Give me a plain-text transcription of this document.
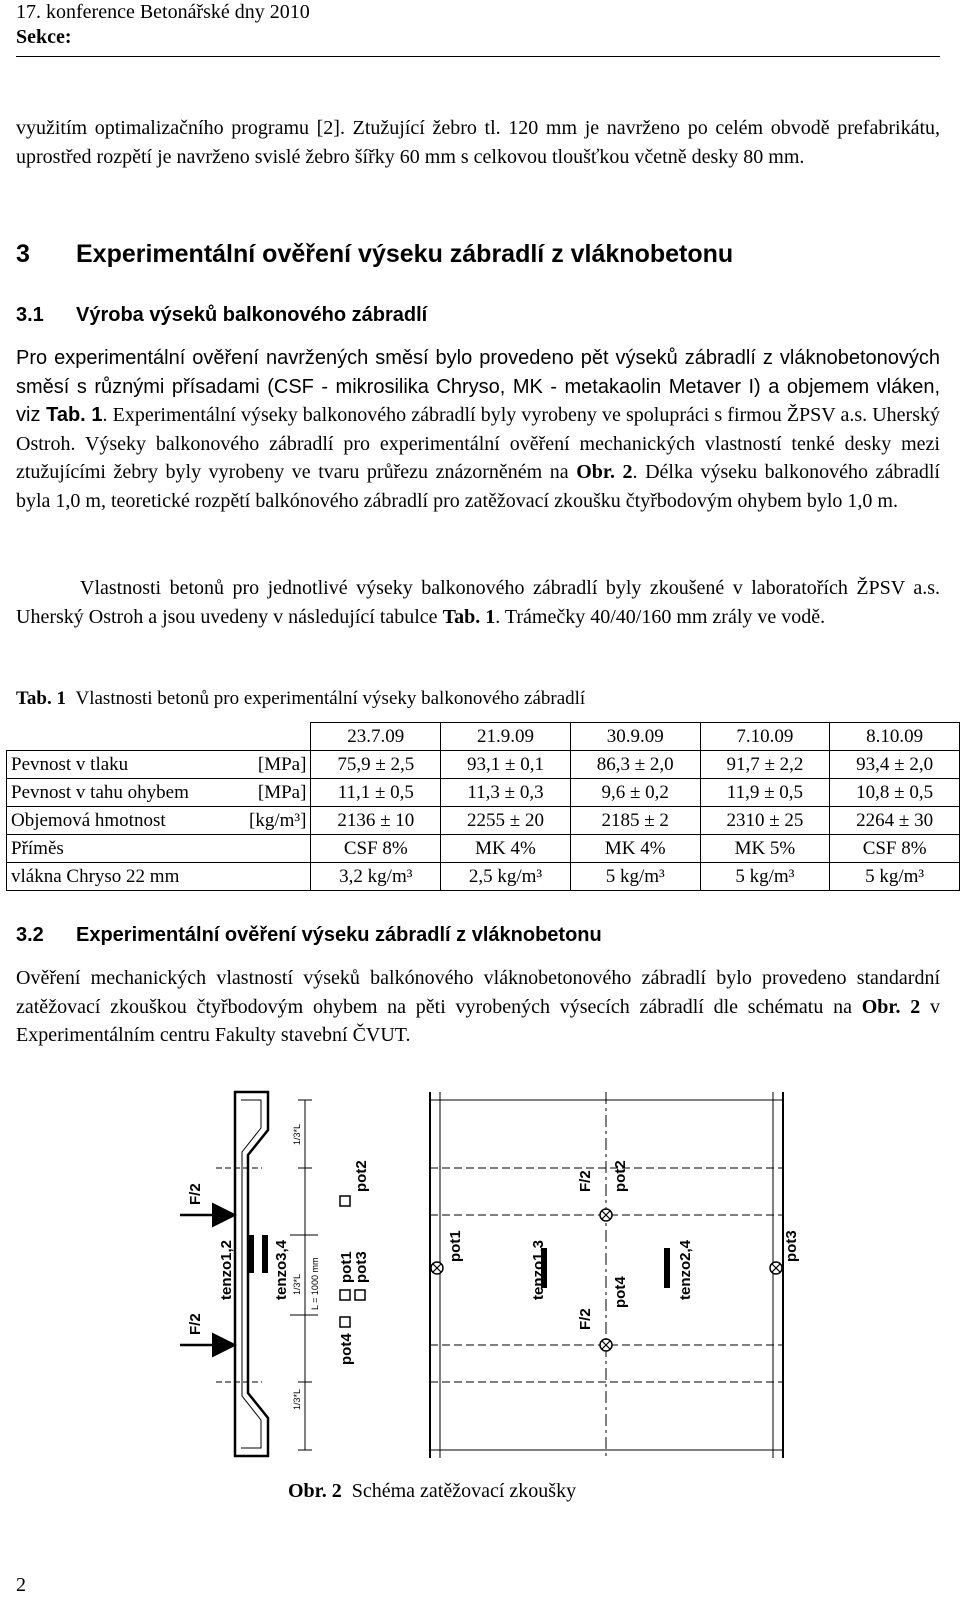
17. konference Betonářské dny 2010
Sekce:

využitím optimalizačního programu [2]. Ztužující žebro tl. 120 mm je navrženo po celém obvodě prefabrikátu, uprostřed rozpětí je navrženo svislé žebro šířky 60 mm s celkovou tloušťkou včetně desky 80 mm.

3 Experimentální ověření výseku zábradlí z vláknobetonu
3.1 Výroba výseků balkonového zábradlí

Pro experimentální ověření navržených směsí bylo provedeno pět výseků zábradlí z vláknobetonových směsí s různými přísadami (CSF - mikrosilika Chryso, MK - metakaolin Metaver I) a objemem vláken, viz Tab. 1. Experimentální výseky balkonového zábradlí byly vyrobeny ve spolupráci s firmou ŽPSV a.s. Uherský Ostroh. Výseky balkonového zábradlí pro experimentální ověření mechanických vlastností tenké desky mezi ztužujícími žebry byly vyrobeny ve tvaru průřezu znázorněném na Obr. 2. Délka výseku balkonového zábradlí byla 1,0 m, teoretické rozpětí balkónového zábradlí pro zatěžovací zkoušku čtyřbodovým ohybem bylo 1,0 m.

Vlastnosti betonů pro jednotlivé výseky balkonového zábradlí byly zkoušené v laboratořích ŽPSV a.s. Uherský Ostroh a jsou uvedeny v následující tabulce Tab. 1. Trámečky 40/40/160 mm zrály ve vodě.

Tab. 1 Vlastnosti betonů pro experimentální výseky balkonového zábradlí
	23.7.09	21.9.09	30.9.09	7.10.09	8.10.09
Pevnost v tlaku [MPa]	75,9 ± 2,5	93,1 ± 0,1	86,3 ± 2,0	91,7 ± 2,2	93,4 ± 2,0
Pevnost v tahu ohybem [MPa]	11,1 ± 0,5	11,3 ± 0,3	9,6 ± 0,2	11,9 ± 0,5	10,8 ± 0,5
Objemová hmotnost [kg/m³]	2136 ± 10	2255 ± 20	2185 ± 2	2310 ± 25	2264 ± 30
Příměs	CSF 8%	MK 4%	MK 4%	MK 5%	CSF 8%
vlákna Chryso 22 mm	3,2 kg/m³	2,5 kg/m³	5 kg/m³	5 kg/m³	5 kg/m³
3.2 Experimentální ověření výseku zábradlí z vláknobetonu

Ověření mechanických vlastností výseků balkónového vláknobetonového zábradlí bylo provedeno standardní zatěžovací zkouškou čtyřbodovým ohybem na pěti vyrobených výsecích zábradlí dle schématu na Obr. 2 v Experimentálním centru Fakulty stavební ČVUT.

F/2
F/2
tenzo1,2	tenzo3,4
1/3*L
1/3*L
1/3*L
L = 1000 mm
pot2
pot1
pot3
pot4
F/2
F/2
pot2
pot4
pot1	pot3
tenzo1,3	tenzo2,4
Obr. 2 Schéma zatěžovací zkoušky
2
